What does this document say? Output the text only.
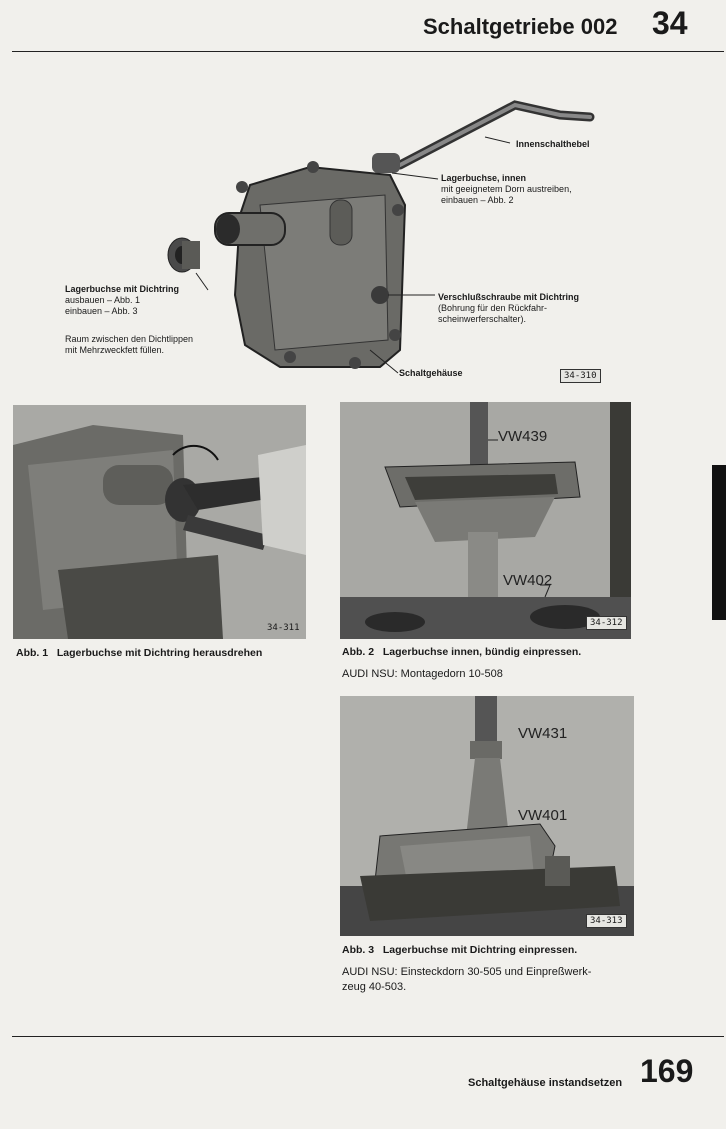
Schaltgetriebe 002 34
Innenschalthebel
Lagerbuchse, innen
mit geeignetem Dorn austreiben,
einbauen – Abb. 2
Lagerbuchse mit Dichtring
ausbauen – Abb. 1
einbauen – Abb. 3
Raum zwischen den Dichtlippen
mit Mehrzweckfett füllen.
Verschlußschraube mit Dichtring
(Bohrung für den Rückfahr-
scheinwerferschalter).
Schaltgehäuse	34-310
34-311
Abb. 1 Lagerbuchse mit Dichtring herausdrehen
VW439
VW402
34-312
Abb. 2 Lagerbuchse innen, bündig einpressen.
AUDI NSU: Montagedorn 10-508
VW431
VW401
34-313
Abb. 3 Lagerbuchse mit Dichtring einpressen.
AUDI NSU: Einsteckdorn 30-505 und Einpreßwerk-
zeug 40-503.
Schaltgehäuse instandsetzen 169
